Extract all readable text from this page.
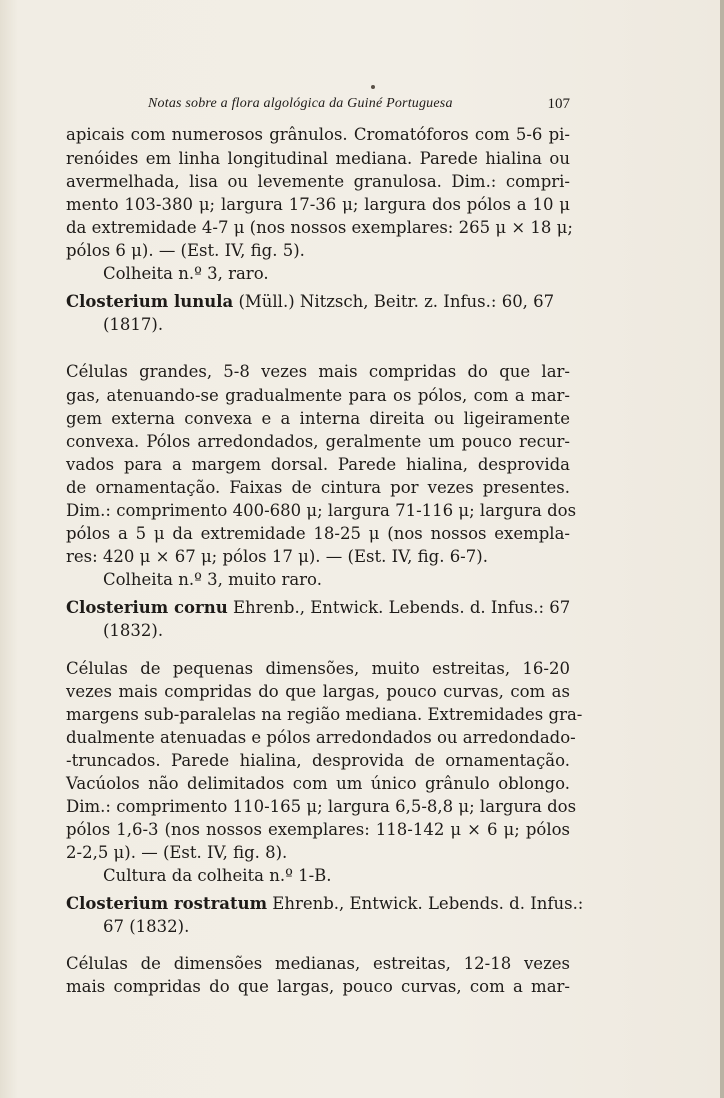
Notas sobre a flora algológica da Guiné Portuguesa	107
apicais com numerosos grânulos. Cromatóforos com 5-6 pi-
renóides em linha longitudinal mediana. Parede hialina ou
avermelhada, lisa ou levemente granulosa. Dim.: compri-
mento 103-380 μ; largura 17-36 μ; largura dos pólos a 10 μ
da extremidade 4-7 μ (nos nossos exemplares: 265 μ × 18 μ;
pólos 6 μ). — (Est. IV, fig. 5).
Colheita n.º 3, raro.
Closterium lunula (Müll.) Nitzsch, Beitr. z. Infus.: 60, 67
(1817).
Células grandes, 5-8 vezes mais compridas do que lar-
gas, atenuando-se gradualmente para os pólos, com a mar-
gem externa convexa e a interna direita ou ligeiramente
convexa. Pólos arredondados, geralmente um pouco recur-
vados para a margem dorsal. Parede hialina, desprovida
de ornamentação. Faixas de cintura por vezes presentes.
Dim.: comprimento 400-680 μ; largura 71-116 μ; largura dos
pólos a 5 μ da extremidade 18-25 μ (nos nossos exempla-
res: 420 μ × 67 μ; pólos 17 μ). — (Est. IV, fig. 6-7).
Colheita n.º 3, muito raro.
Closterium cornu Ehrenb., Entwick. Lebends. d. Infus.: 67
(1832).
Células de pequenas dimensões, muito estreitas, 16-20
vezes mais compridas do que largas, pouco curvas, com as
margens sub-paralelas na região mediana. Extremidades gra-
dualmente atenuadas e pólos arredondados ou arredondado-
-truncados. Parede hialina, desprovida de ornamentação.
Vacúolos não delimitados com um único grânulo oblongo.
Dim.: comprimento 110-165 μ; largura 6,5-8,8 μ; largura dos
pólos 1,6-3 (nos nossos exemplares: 118-142 μ × 6 μ; pólos
2-2,5 μ). — (Est. IV, fig. 8).
Cultura da colheita n.º 1-B.
Closterium rostratum Ehrenb., Entwick. Lebends. d. Infus.:
67 (1832).
Células de dimensões medianas, estreitas, 12-18 vezes
mais compridas do que largas, pouco curvas, com a mar-
